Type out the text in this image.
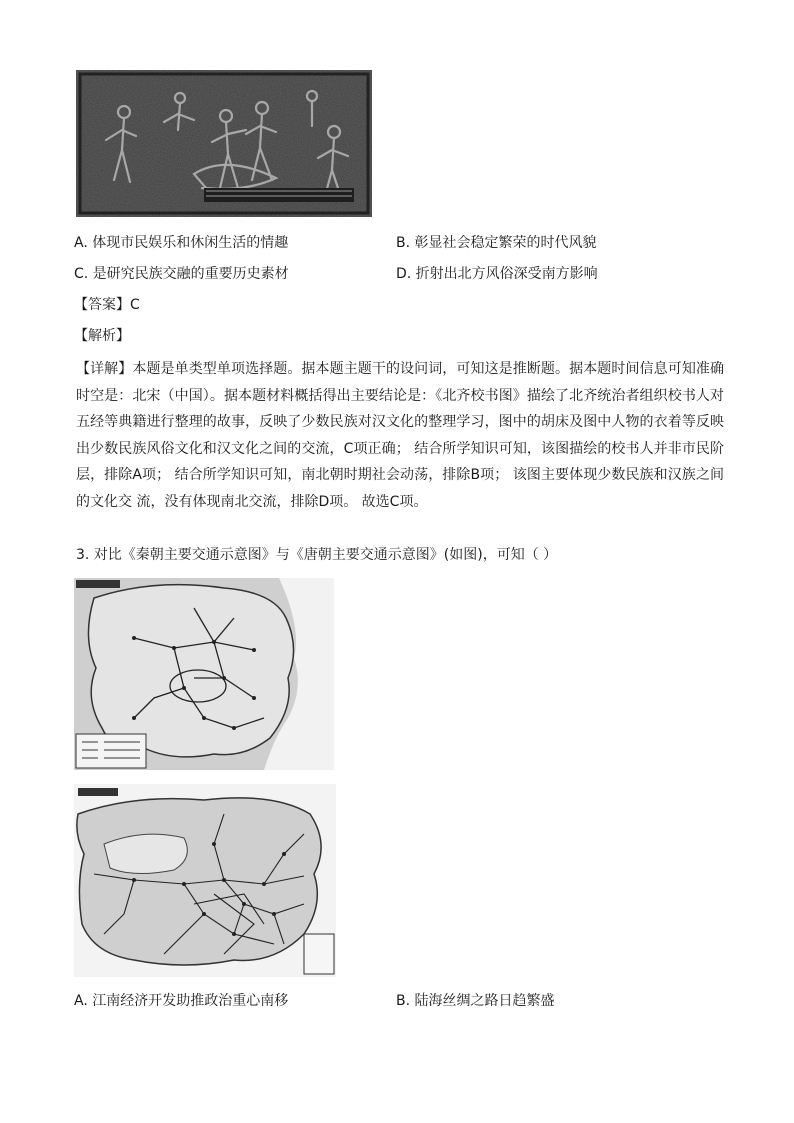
A. 体现市民娱乐和休闲生活的情趣	B. 彰显社会稳定繁荣的时代风貌
C. 是研究民族交融的重要历史素材	D. 折射出北方风俗深受南方影响
【答案】C
【解析】
【详解】本题是单类型单项选择题。据本题主题干的设问词，可知这是推断题。据本题时间信息可知准确时空是：北宋（中国）。据本题材料概括得出主要结论是：《北齐校书图》描绘了北齐统治者组织校书人对五经等典籍进行整理的故事，反映了少数民族对汉文化的整理学习，图中的胡床及图中人物的衣着等反映出少数民族风俗文化和汉文化之间的交流，C项正确； 结合所学知识可知，该图描绘的校书人并非市民阶层，排除A项； 结合所学知识可知，南北朝时期社会动荡，排除B项； 该图主要体现少数民族和汉族之间的文化交 流，没有体现南北交流，排除D项。 故选C项。
3. 对比《秦朝主要交通示意图》与《唐朝主要交通示意图》(如图)，可知（ ）
A. 江南经济开发助推政治重心南移	B. 陆海丝绸之路日趋繁盛
